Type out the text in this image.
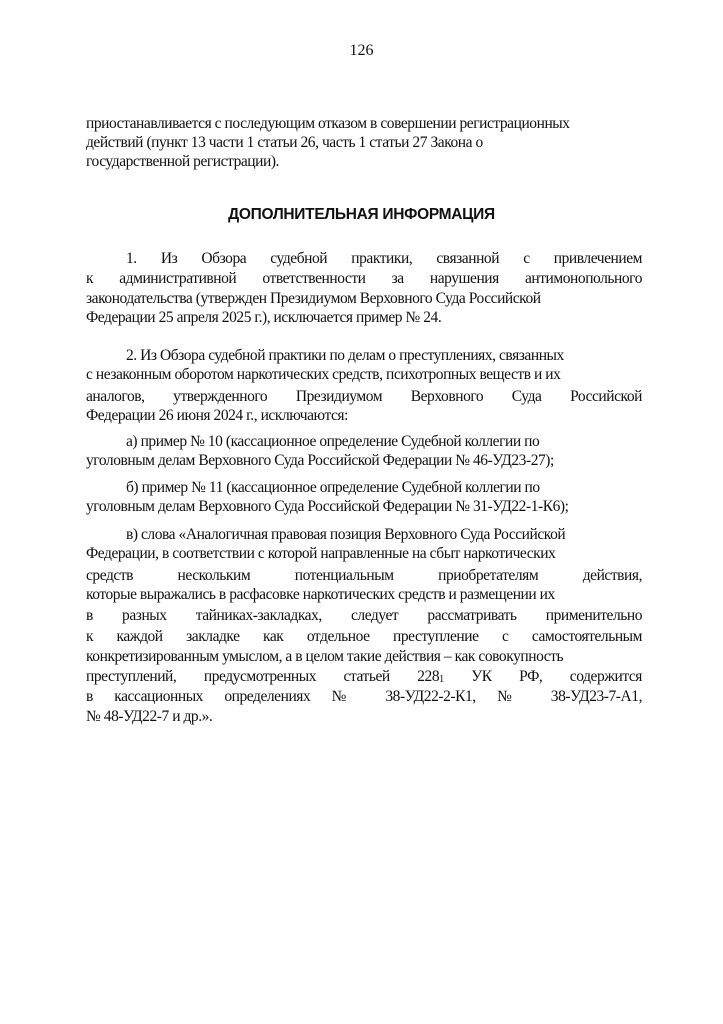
126
приостанавливается с последующим отказом в совершении регистрационных
действий (пункт 13 части 1 статьи 26, часть 1 статьи 27 Закона о
государственной регистрации).
ДОПОЛНИТЕЛЬНАЯ ИНФОРМАЦИЯ
1. Из Обзора судебной практики, связанной с привлечением
к административной ответственности за нарушения антимонопольного
законодательства (утвержден Президиумом Верховного Суда Российской
Федерации 25 апреля 2025 г.), исключается пример № 24.
2. Из Обзора судебной практики по делам о преступлениях, связанных
с незаконным оборотом наркотических средств, психотропных веществ и их
аналогов, утвержденного Президиумом Верховного Суда Российской
Федерации 26 июня 2024 г., исключаются:
а) пример № 10 (кассационное определение Судебной коллегии по
уголовным делам Верховного Суда Российской Федерации № 46-УД23-27);
б) пример № 11 (кассационное определение Судебной коллегии по
уголовным делам Верховного Суда Российской Федерации № 31-УД22-1-К6);
в) слова «Аналогичная правовая позиция Верховного Суда Российской
Федерации, в соответствии с которой направленные на сбыт наркотических
средств нескольким потенциальным приобретателям действия,
которые выражались в расфасовке наркотических средств и размещении их
в разных тайниках-закладках, следует рассматривать применительно
к каждой закладке как отдельное преступление с самостоятельным
конкретизированным умыслом, а в целом такие действия – как совокупность
преступлений, предусмотренных статьей $228_1$ УК РФ, содержится
в кассационных определениях № 38-УД22-2-К1, № 38-УД23-7-А1,
№ 48-УД22-7 и др.».
